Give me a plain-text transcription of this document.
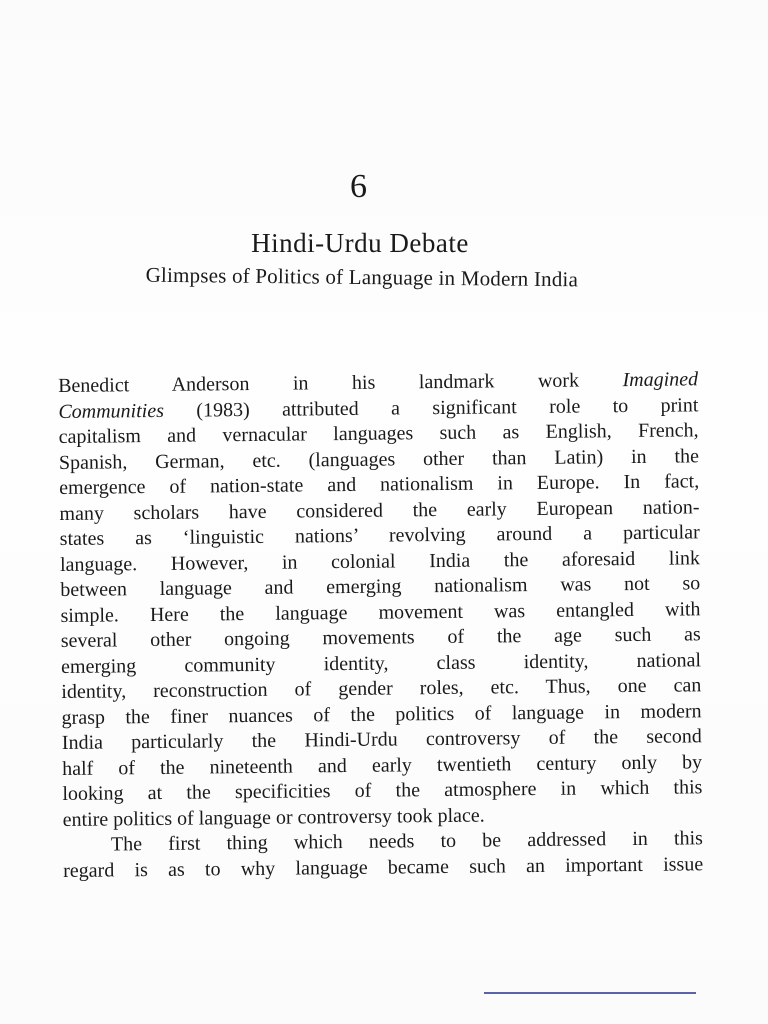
6
Hindi-Urdu Debate
Glimpses of Politics of Language in Modern India
Benedict Anderson in his landmark work Imagined
Communities (1983) attributed a significant role to print
capitalism and vernacular languages such as English, French,
Spanish, German, etc. (languages other than Latin) in the
emergence of nation-state and nationalism in Europe. In fact,
many scholars have considered the early European nation-
states as ‘linguistic nations’ revolving around a particular
language. However, in colonial India the aforesaid link
between language and emerging nationalism was not so
simple. Here the language movement was entangled with
several other ongoing movements of the age such as
emerging community identity, class identity, national
identity, reconstruction of gender roles, etc. Thus, one can
grasp the finer nuances of the politics of language in modern
India particularly the Hindi-Urdu controversy of the second
half of the nineteenth and early twentieth century only by
looking at the specificities of the atmosphere in which this
entire politics of language or controversy took place.
The first thing which needs to be addressed in this
regard is as to why language became such an important issue
